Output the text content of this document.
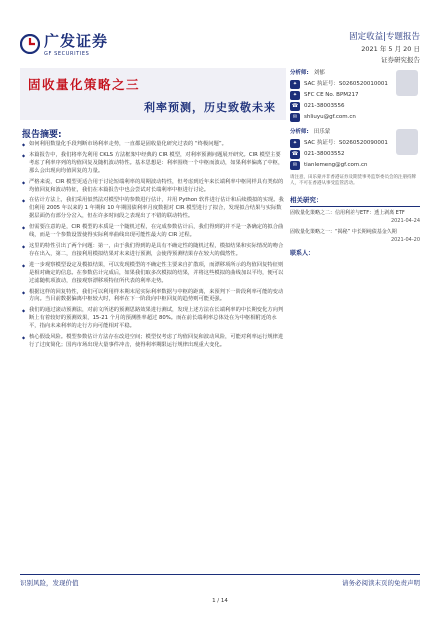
广发证券
GF SECURITIES
固定收益|专题报告
2021 年 5 月 20 日
证券研究报告
固收量化策略之三
利率预测，历史致敬未来
报告摘要:

◆ 如何利用数量化手段判断市场利率走势，一直都是固收量化研究过表的 “终极问题”。

◆ 本篇报告中，我们将率先利用 CKLS 方法框架中经典的 CIR 模型，对利率预测问题展开研究。CIR 模型主要考虑了利率序列的均值回复及随机波动特性。基本思想是：利率围绕一个中枢而波动，如果利率偏离了中枢，那么会出现向均值回复的力量。

◆ 严格来说，CIR 模型更适合用于讨论短端利率的周期波动特性，但考虑到近年来长端利率中枢同样具有类似的均值回复和波动特征，我们在本篇报告中也会尝试对长端利率中枢进行讨论。

◆ 在估计方法上，我们采用似然法对模型中的参数进行估计，并用 Python 软件进行估计和后续模拟的实现。我们利用 2005 年以来的 1 年期和 10 年期国债利率月度数据对 CIR 模型进行了拟合，发现拟合结果与实际数据层面仍有部分分岔入，但在许多时间段之表现出了不错的联动特性。

◆ 但需要注意的是，CIR 模型的本质是一个随机过程，在完成参数估计后，我们得到的并不是一条确定的拟合曲线，而是一个参数设置使得实际利率曲线出现可能性最大的 CIR 过程。

◆ 这里的特性引出了两个问题：第一，由于我们得到的是具有不确定性的随机过程，模拟结果和实际情况的吻合存在出入，第二，直接利用模拟结果对未来进行预测，会使得预测结果存在较大的偶然性。

◆ 进一步观察模型设定及模拟结果，可以发现模型的不确定性主要来自扩散项，而漂移项所示的均值回复特征则是相对确定的信息。在参数估计完成后，如果我们取多次模拟的结果，并将这些模拟的曲线加以平均，便可以过滤随机项波动，直接观察漂移项特征所代表的利率走势。

◆ 根据这样的回复特性，我们可以利用样本期末尾实际利率数据与中枢的距离，来预判下一阶段利率可能的变动方向。当目前数据偏离中枢较大时，利率在下一阶段向中枢回复的趋势则可能更强。

◆ 我们的通过滚动预测法，对前文所述的预测思路效果进行测试，发现上述方法在长端利率的中长期变化方向判断上有着较好的预测效果，15-21 个月的预测胜率超过 80%。而在前长端利率总体处在为中枢相附近的水平，指向未来利率的走行方向可能相对平稳。

◆ 核心假设风险。模型参数估计方法存在改进空间；模型仅考虑了均值回复和波动风险，可能对利率运行规律进行了过度简化；国内市场出现大量事件冲击，使得利率期限运行规律出现重大变化。

分析师: 刘郁
✦	SAC 执证号：S0260520010001
✦	SFC CE No. BPM217
☎	021-38003556
✉	shliuyu@gf.com.cn
分析师: 田乐蒙
✦	SAC 执证号：S0260520090001
☎	021-38003552
✉	tianlemeng@gf.com.cn
请注意，田乐蒙并非香港证券及期货事务监察委员会的注册持牌人，不可在香港从事受监管活动。
相关研究：
固收量化策略之二：信用利差与ETF：透上剥离 ETF
2021-04-24
固收量化策略之一：“揭秘” 中长期纯债基金久期
2021-04-20
联系人：
识别风险，发现价值	请务必阅读末页的免责声明
1 / 14
